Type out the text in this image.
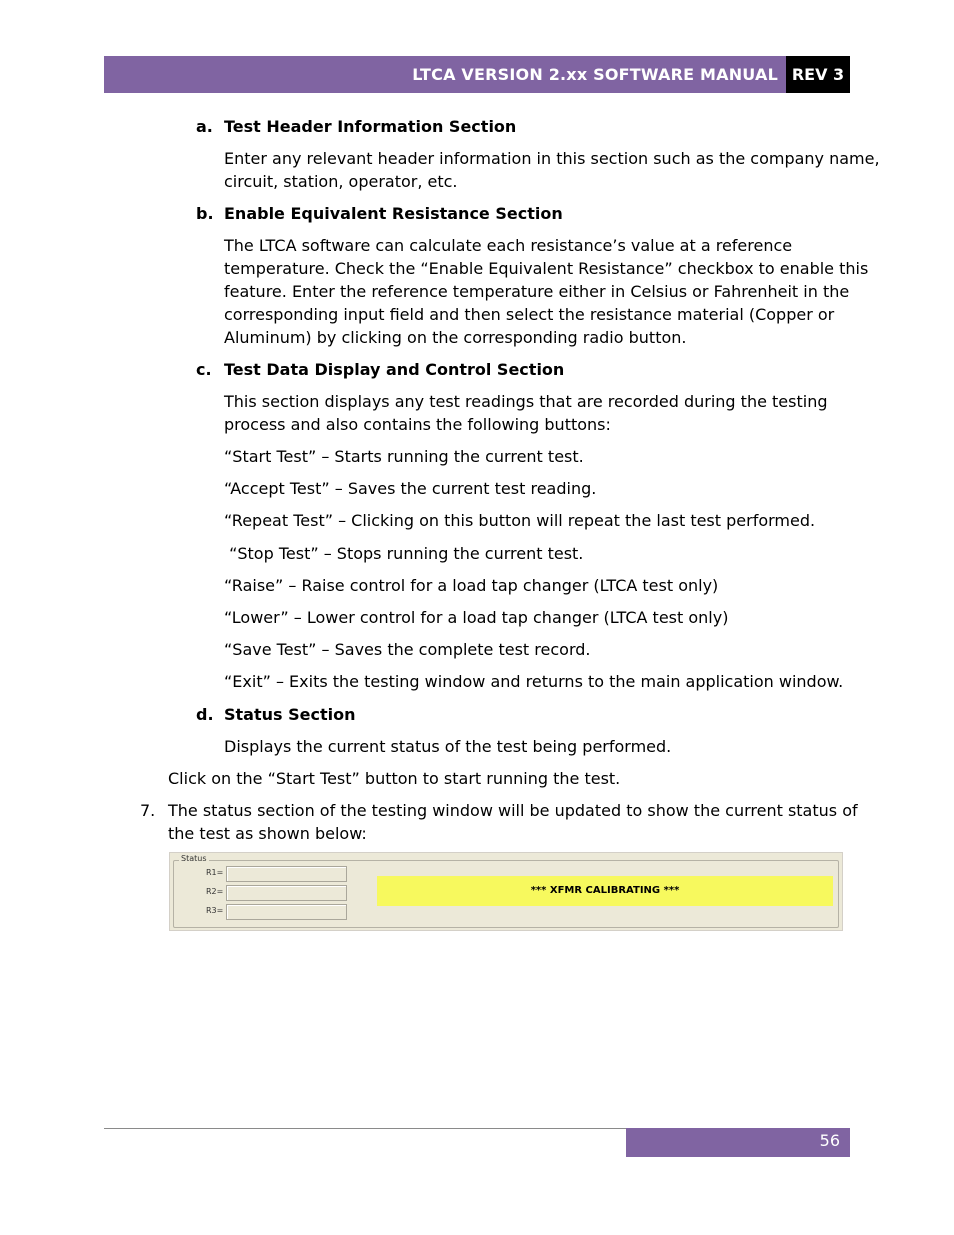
LTCA VERSION 2.xx SOFTWARE MANUAL REV 3
a. Test Header Information Section
Enter any relevant header information in this section such as the company name,
circuit, station, operator, etc.
b. Enable Equivalent Resistance Section
The LTCA software can calculate each resistance’s value at a reference
temperature. Check the “Enable Equivalent Resistance” checkbox to enable this
feature. Enter the reference temperature either in Celsius or Fahrenheit in the
corresponding input field and then select the resistance material (Copper or
Aluminum) by clicking on the corresponding radio button.
c. Test Data Display and Control Section
This section displays any test readings that are recorded during the testing
process and also contains the following buttons:
“Start Test” – Starts running the current test.
“Accept Test” – Saves the current test reading.
“Repeat Test” – Clicking on this button will repeat the last test performed.
“Stop Test” – Stops running the current test.
“Raise” – Raise control for a load tap changer (LTCA test only)
“Lower” – Lower control for a load tap changer (LTCA test only)
“Save Test” – Saves the complete test record.
“Exit” – Exits the testing window and returns to the main application window.
d. Status Section
Displays the current status of the test being performed.
Click on the “Start Test” button to start running the test.
7. The status section of the testing window will be updated to show the current status of
the test as shown below:
Status
R1=
R2=
R3=
*** XFMR CALIBRATING ***
56
